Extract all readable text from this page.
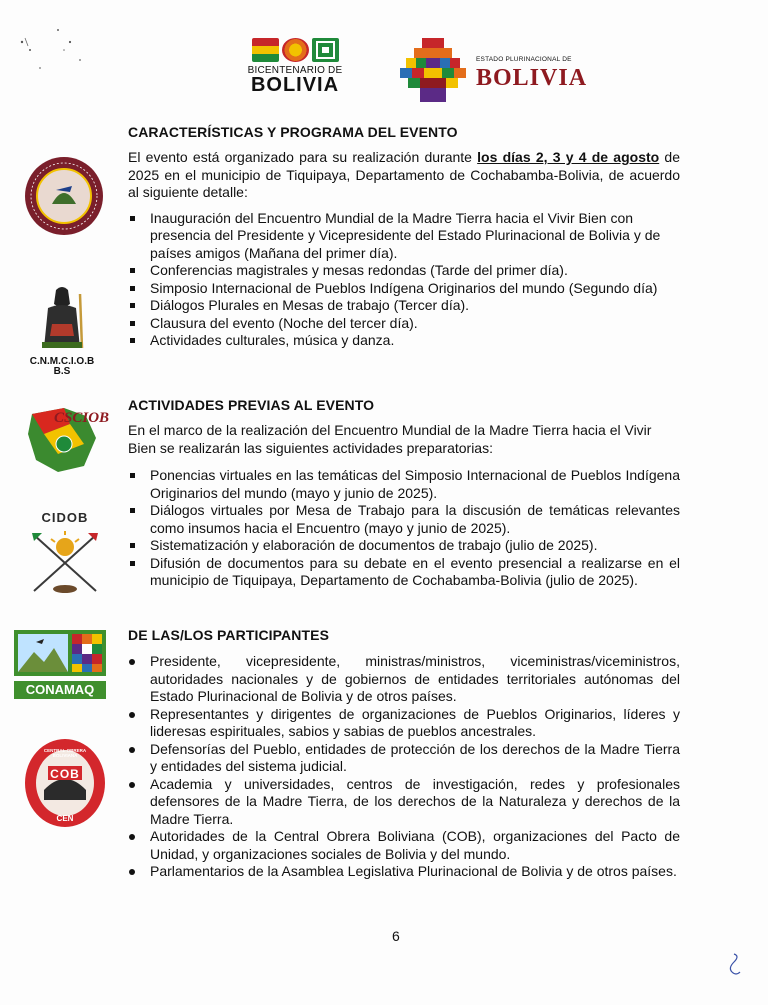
BICENTENARIO DE
BOLIVIA
ESTADO PLURINACIONAL DE
BOLIVIA
C.N.M.C.I.O.B
B.S
CSCIOB
CIDOB
CONAMAQ
CENTRAL OBRERA BOLIVIANA
COB
CEN
CARACTERÍSTICAS Y PROGRAMA DEL EVENTO
El evento está organizado para su realización durante los días 2, 3 y 4 de agosto de 2025 en el municipio de Tiquipaya, Departamento de Cochabamba-Bolivia, de acuerdo al siguiente detalle:
Inauguración del Encuentro Mundial de la Madre Tierra hacia el Vivir Bien con presencia del Presidente y Vicepresidente del Estado Plurinacional de Bolivia y de países amigos (Mañana del primer día).
Conferencias magistrales y mesas redondas (Tarde del primer día).
Simposio Internacional de Pueblos Indígena Originarios del mundo (Segundo día)
Diálogos Plurales en Mesas de trabajo (Tercer día).
Clausura del evento (Noche del tercer día).
Actividades culturales, música y danza.
ACTIVIDADES PREVIAS AL EVENTO
En el marco de la realización del Encuentro Mundial de la Madre Tierra hacia el Vivir Bien se realizarán las siguientes actividades preparatorias:
Ponencias virtuales en las temáticas del Simposio Internacional de Pueblos Indígena Originarios del mundo (mayo y junio de 2025).
Diálogos virtuales por Mesa de Trabajo para la discusión de temáticas relevantes como insumos hacia el Encuentro (mayo y junio de 2025).
Sistematización y elaboración de documentos de trabajo (julio de 2025).
Difusión de documentos para su debate en el evento presencial a realizarse en el municipio de Tiquipaya, Departamento de Cochabamba-Bolivia (julio de 2025).
DE LAS/LOS PARTICIPANTES
Presidente, vicepresidente, ministras/ministros, viceministras/viceministros, autoridades nacionales y de gobiernos de entidades territoriales autónomas del Estado Plurinacional de Bolivia y de otros países.
Representantes y dirigentes de organizaciones de Pueblos Originarios, líderes y lideresas espirituales, sabios y sabias de pueblos ancestrales.
Defensorías del Pueblo, entidades de protección de los derechos de la Madre Tierra y entidades del sistema judicial.
Academia y universidades, centros de investigación, redes y profesionales defensores de la Madre Tierra, de los derechos de la Naturaleza y derechos de la Madre Tierra.
Autoridades de la Central Obrera Boliviana (COB), organizaciones del Pacto de Unidad, y organizaciones sociales de Bolivia y del mundo.
Parlamentarios de la Asamblea Legislativa Plurinacional de Bolivia y de otros países.
6
